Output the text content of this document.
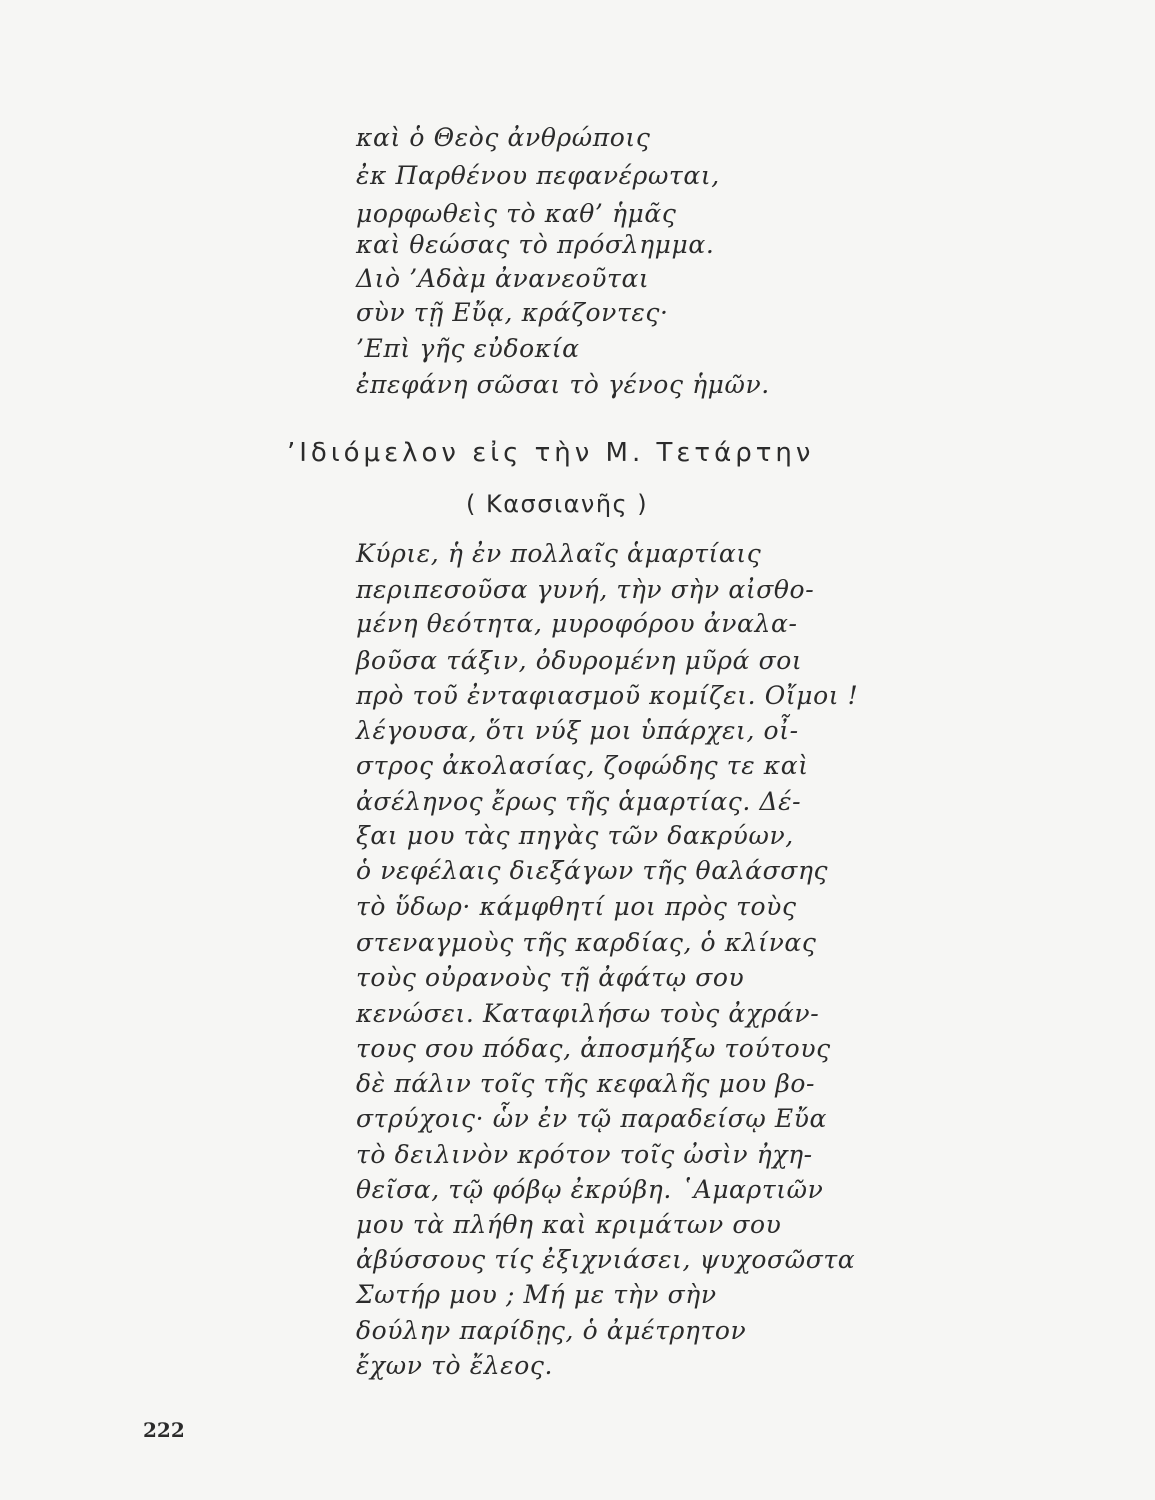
καὶ ὁ Θεὸς ἀνθρώποις
ἐκ Παρθένου πεφανέρωται,
μορφωθεὶς τὸ καθ’ ἡμᾶς
καὶ θεώσας τὸ πρόσλημμα.
Διὸ ’Αδὰμ ἀνανεοῦται
σὺν τῇ Εὔᾳ, κράζοντες·
’Επὶ γῆς εὐδοκία
ἐπεφάνη σῶσαι τὸ γένος ἡμῶν.
’Ιδιόμελον εἰς τὴν Μ. Τετάρτην
( Κασσιανῆς )
Κύριε, ἡ ἐν πολλαῖς ἁμαρτίαις
περιπεσοῦσα γυνή, τὴν σὴν αἰσθο-
μένη θεότητα, μυροφόρου ἀναλα-
βοῦσα τάξιν, ὀδυρομένη μῦρά σοι
πρὸ τοῦ ἐνταφιασμοῦ κομίζει. Οἴμοι !
λέγουσα, ὅτι νύξ μοι ὑπάρχει, οἶ-
στρος ἀκολασίας, ζοφώδης τε καὶ
ἀσέληνος ἔρως τῆς ἁμαρτίας. Δέ-
ξαι μου τὰς πηγὰς τῶν δακρύων,
ὁ νεφέλαις διεξάγων τῆς θαλάσσης
τὸ ὕδωρ· κάμφθητί μοι πρὸς τοὺς
στεναγμοὺς τῆς καρδίας, ὁ κλίνας
τοὺς οὐρανοὺς τῇ ἀφάτῳ σου
κενώσει. Καταφιλήσω τοὺς ἀχράν-
τους σου πόδας, ἀποσμήξω τούτους
δὲ πάλιν τοῖς τῆς κεφαλῆς μου βο-
στρύχοις· ὧν ἐν τῷ παραδείσῳ Εὔα
τὸ δειλινὸν κρότον τοῖς ὠσὶν ἠχη-
θεῖσα, τῷ φόβῳ ἐκρύβη. ῾Αμαρτιῶν
μου τὰ πλήθη καὶ κριμάτων σου
ἀβύσσους τίς ἐξιχνιάσει, ψυχοσῶστα
Σωτήρ μου ; Μή με τὴν σὴν
δούλην παρίδῃς, ὁ ἀμέτρητον
ἔχων τὸ ἔλεος.
222
